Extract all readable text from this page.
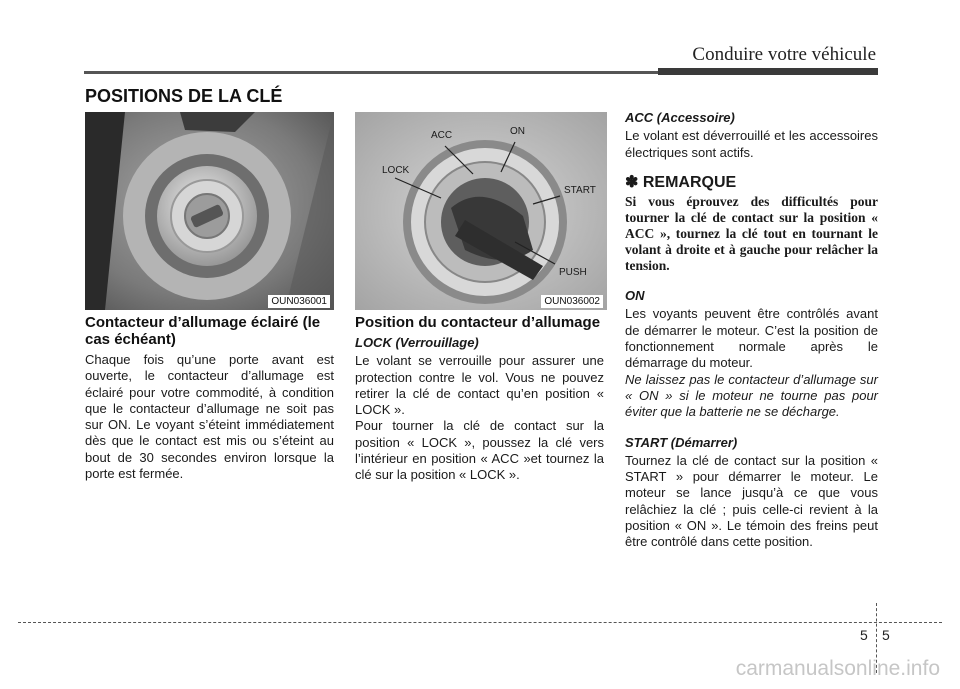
Conduire votre véhicule
POSITIONS DE LA CLÉ
OUN036001
ACC	ON
LOCK
START
PUSH
OUN036002
Contacteur d’allumage éclairé (le cas échéant)

Chaque fois qu’une porte avant est ouverte, le contacteur d’allumage est éclairé pour votre commodité, à condition que le contacteur d’allumage ne soit pas sur ON. Le voyant s’éteint immédiatement dès que le contact est mis ou s’éteint au bout de 30 secondes environ lorsque la porte est fermée.

Position du contacteur d’allumage
LOCK (Verrouillage)

Le volant se verrouille pour assurer une protection contre le vol. Vous ne pouvez retirer la clé de contact qu’en position « LOCK ».

Pour tourner la clé de contact sur la position « LOCK », poussez la clé vers l’intérieur en position « ACC »et tournez la clé sur la position « LOCK ».

ACC (Accessoire)

Le volant est déverrouillé et les accessoires électriques sont actifs.

✽ REMARQUE

Si vous éprouvez des difficultés pour tourner la clé de contact sur la position « ACC », tournez la clé tout en tournant le volant à droite et à gauche pour relâcher la tension.

ON

Les voyants peuvent être contrôlés avant de démarrer le moteur. C’est la position de fonctionnement normale après le démarrage du moteur.

Ne laissez pas le contacteur d’allumage sur « ON » si le moteur ne tourne pas pour éviter que la batterie ne se décharge.

START (Démarrer)

Tournez la clé de contact sur la position « START » pour démarrer le moteur. Le moteur se lance jusqu’à ce que vous relâchiez la clé ; puis celle-ci revient à la position « ON ». Le témoin des freins peut être contrôlé dans cette position.

5 5
carmanualsonline.info
